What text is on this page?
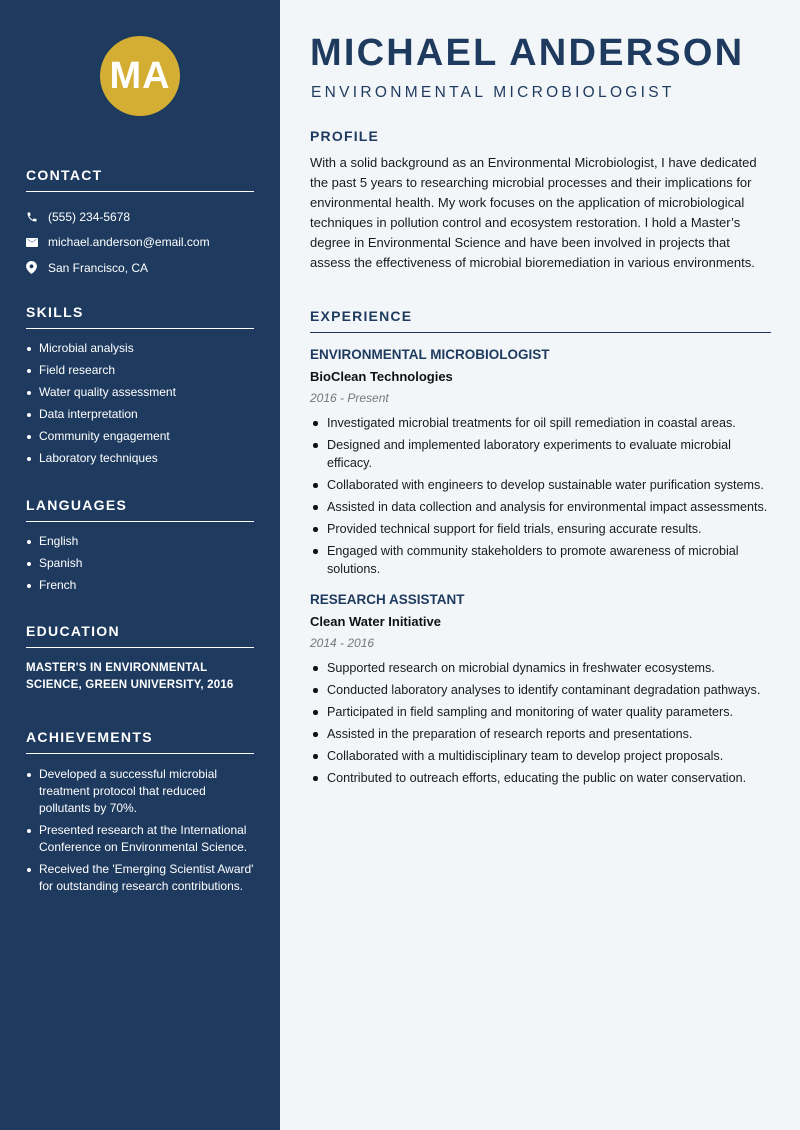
MA
CONTACT
(555) 234-5678
michael.anderson@email.com
San Francisco, CA
SKILLS
Microbial analysis
Field research
Water quality assessment
Data interpretation
Community engagement
Laboratory techniques
LANGUAGES
English
Spanish
French
EDUCATION

MASTER'S IN ENVIRONMENTAL SCIENCE, GREEN UNIVERSITY, 2016

ACHIEVEMENTS
Developed a successful microbial treatment protocol that reduced pollutants by 70%.
Presented research at the International Conference on Environmental Science.
Received the 'Emerging Scientist Award' for outstanding research contributions.
MICHAEL ANDERSON
ENVIRONMENTAL MICROBIOLOGIST
PROFILE

With a solid background as an Environmental Microbiologist, I have dedicated the past 5 years to researching microbial processes and their implications for environmental health. My work focuses on the application of microbiological techniques in pollution control and ecosystem restoration. I hold a Master’s degree in Environmental Science and have been involved in projects that assess the effectiveness of microbial bioremediation in various environments.

EXPERIENCE
ENVIRONMENTAL MICROBIOLOGIST
BioClean Technologies
2016 - Present
Investigated microbial treatments for oil spill remediation in coastal areas.
Designed and implemented laboratory experiments to evaluate microbial efficacy.
Collaborated with engineers to develop sustainable water purification systems.
Assisted in data collection and analysis for environmental impact assessments.
Provided technical support for field trials, ensuring accurate results.
Engaged with community stakeholders to promote awareness of microbial solutions.
RESEARCH ASSISTANT
Clean Water Initiative
2014 - 2016
Supported research on microbial dynamics in freshwater ecosystems.
Conducted laboratory analyses to identify contaminant degradation pathways.
Participated in field sampling and monitoring of water quality parameters.
Assisted in the preparation of research reports and presentations.
Collaborated with a multidisciplinary team to develop project proposals.
Contributed to outreach efforts, educating the public on water conservation.
